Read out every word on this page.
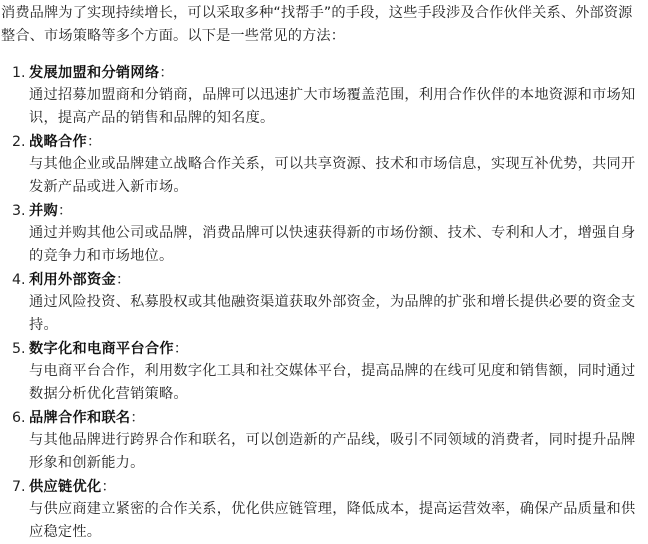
消费品牌为了实现持续增长，可以采取多种“找帮手”的手段，这些手段涉及合作伙伴关系、外部资源整合、市场策略等多个方面。以下是一些常见的方法：

1. 发展加盟和分销网络：

通过招募加盟商和分销商，品牌可以迅速扩大市场覆盖范围，利用合作伙伴的本地资源和市场知识，提高产品的销售和品牌的知名度。

2. 战略合作：

与其他企业或品牌建立战略合作关系，可以共享资源、技术和市场信息，实现互补优势，共同开发新产品或进入新市场。

3. 并购：

通过并购其他公司或品牌，消费品牌可以快速获得新的市场份额、技术、专利和人才，增强自身的竞争力和市场地位。

4. 利用外部资金：

通过风险投资、私募股权或其他融资渠道获取外部资金，为品牌的扩张和增长提供必要的资金支持。

5. 数字化和电商平台合作：

与电商平台合作，利用数字化工具和社交媒体平台，提高品牌的在线可见度和销售额，同时通过数据分析优化营销策略。

6. 品牌合作和联名：

与其他品牌进行跨界合作和联名，可以创造新的产品线，吸引不同领域的消费者，同时提升品牌形象和创新能力。

7. 供应链优化：

与供应商建立紧密的合作关系，优化供应链管理，降低成本，提高运营效率，确保产品质量和供应稳定性。
